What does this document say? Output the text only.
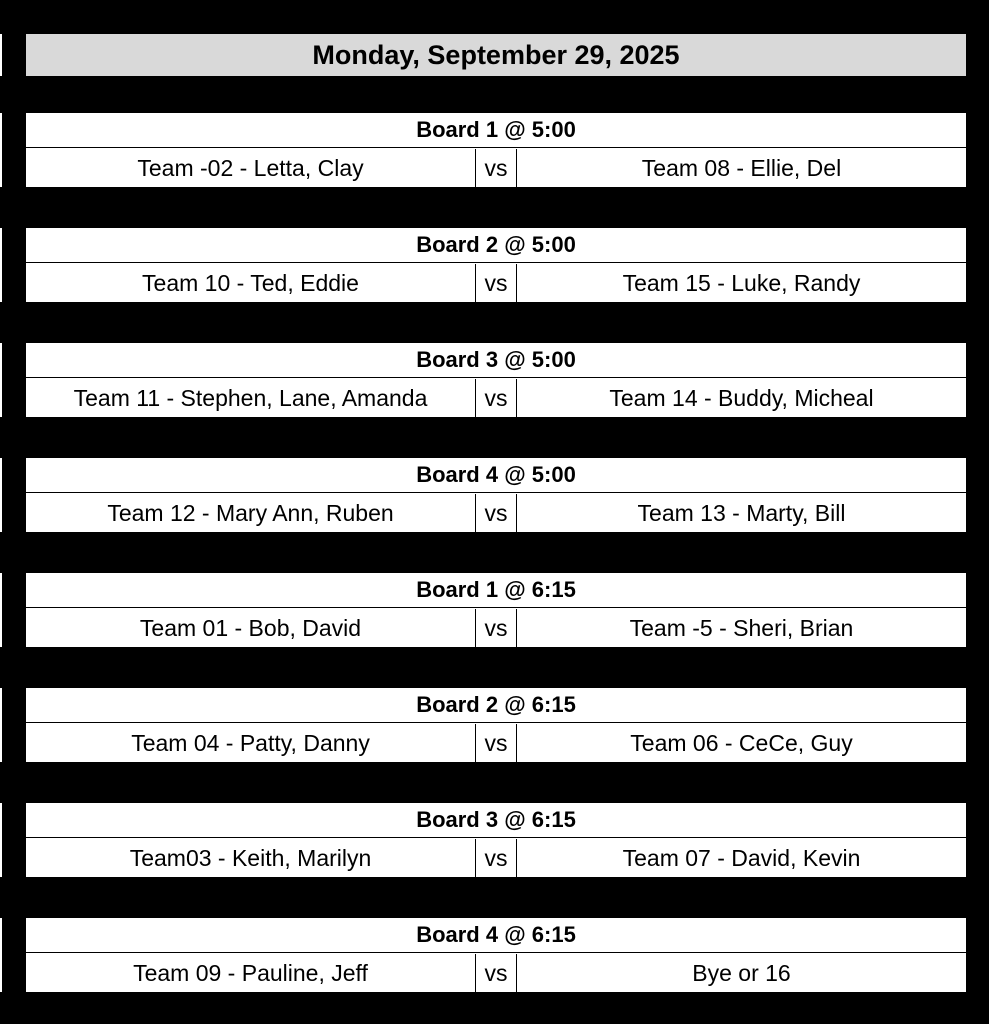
Monday, September 29, 2025
Board 1 @ 5:00
Team -02 - Letta, Clay	vs	Team 08 - Ellie, Del
Board 2 @ 5:00
Team 10 - Ted, Eddie	vs	Team 15 - Luke, Randy
Board 3 @ 5:00
Team 11 - Stephen, Lane, Amanda	vs	Team 14 - Buddy, Micheal
Board 4 @ 5:00
Team 12 - Mary Ann, Ruben	vs	Team 13 - Marty, Bill
Board 1 @ 6:15
Team 01 - Bob, David	vs	Team -5 - Sheri, Brian
Board 2 @ 6:15
Team 04 - Patty, Danny	vs	Team 06 - CeCe, Guy
Board 3 @ 6:15
Team03 - Keith, Marilyn	vs	Team 07 - David, Kevin
Board 4 @ 6:15
Team 09 - Pauline, Jeff	vs	Bye or 16
